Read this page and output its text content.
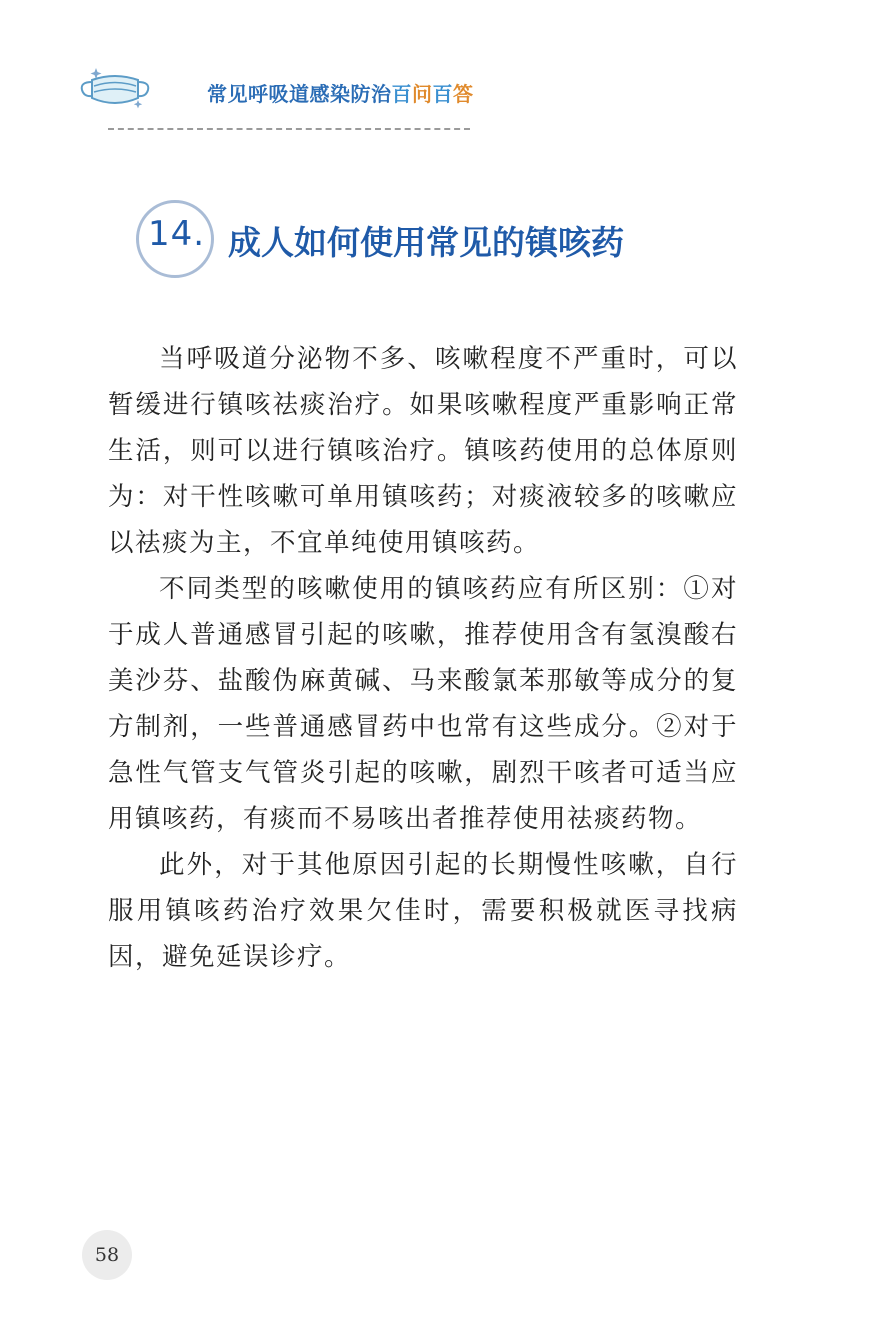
常见呼吸道感染防治百问百答
14. 成人如何使用常见的镇咳药

当呼吸道分泌物不多、咳嗽程度不严重时，可以暂缓进行镇咳祛痰治疗。如果咳嗽程度严重影响正常生活，则可以进行镇咳治疗。镇咳药使用的总体原则为：对干性咳嗽可单用镇咳药；对痰液较多的咳嗽应以祛痰为主，不宜单纯使用镇咳药。

不同类型的咳嗽使用的镇咳药应有所区别：①对于成人普通感冒引起的咳嗽，推荐使用含有氢溴酸右美沙芬、盐酸伪麻黄碱、马来酸氯苯那敏等成分的复方制剂，一些普通感冒药中也常有这些成分。②对于急性气管支气管炎引起的咳嗽，剧烈干咳者可适当应用镇咳药，有痰而不易咳出者推荐使用祛痰药物。

此外，对于其他原因引起的长期慢性咳嗽，自行服用镇咳药治疗效果欠佳时，需要积极就医寻找病因，避免延误诊疗。

58
